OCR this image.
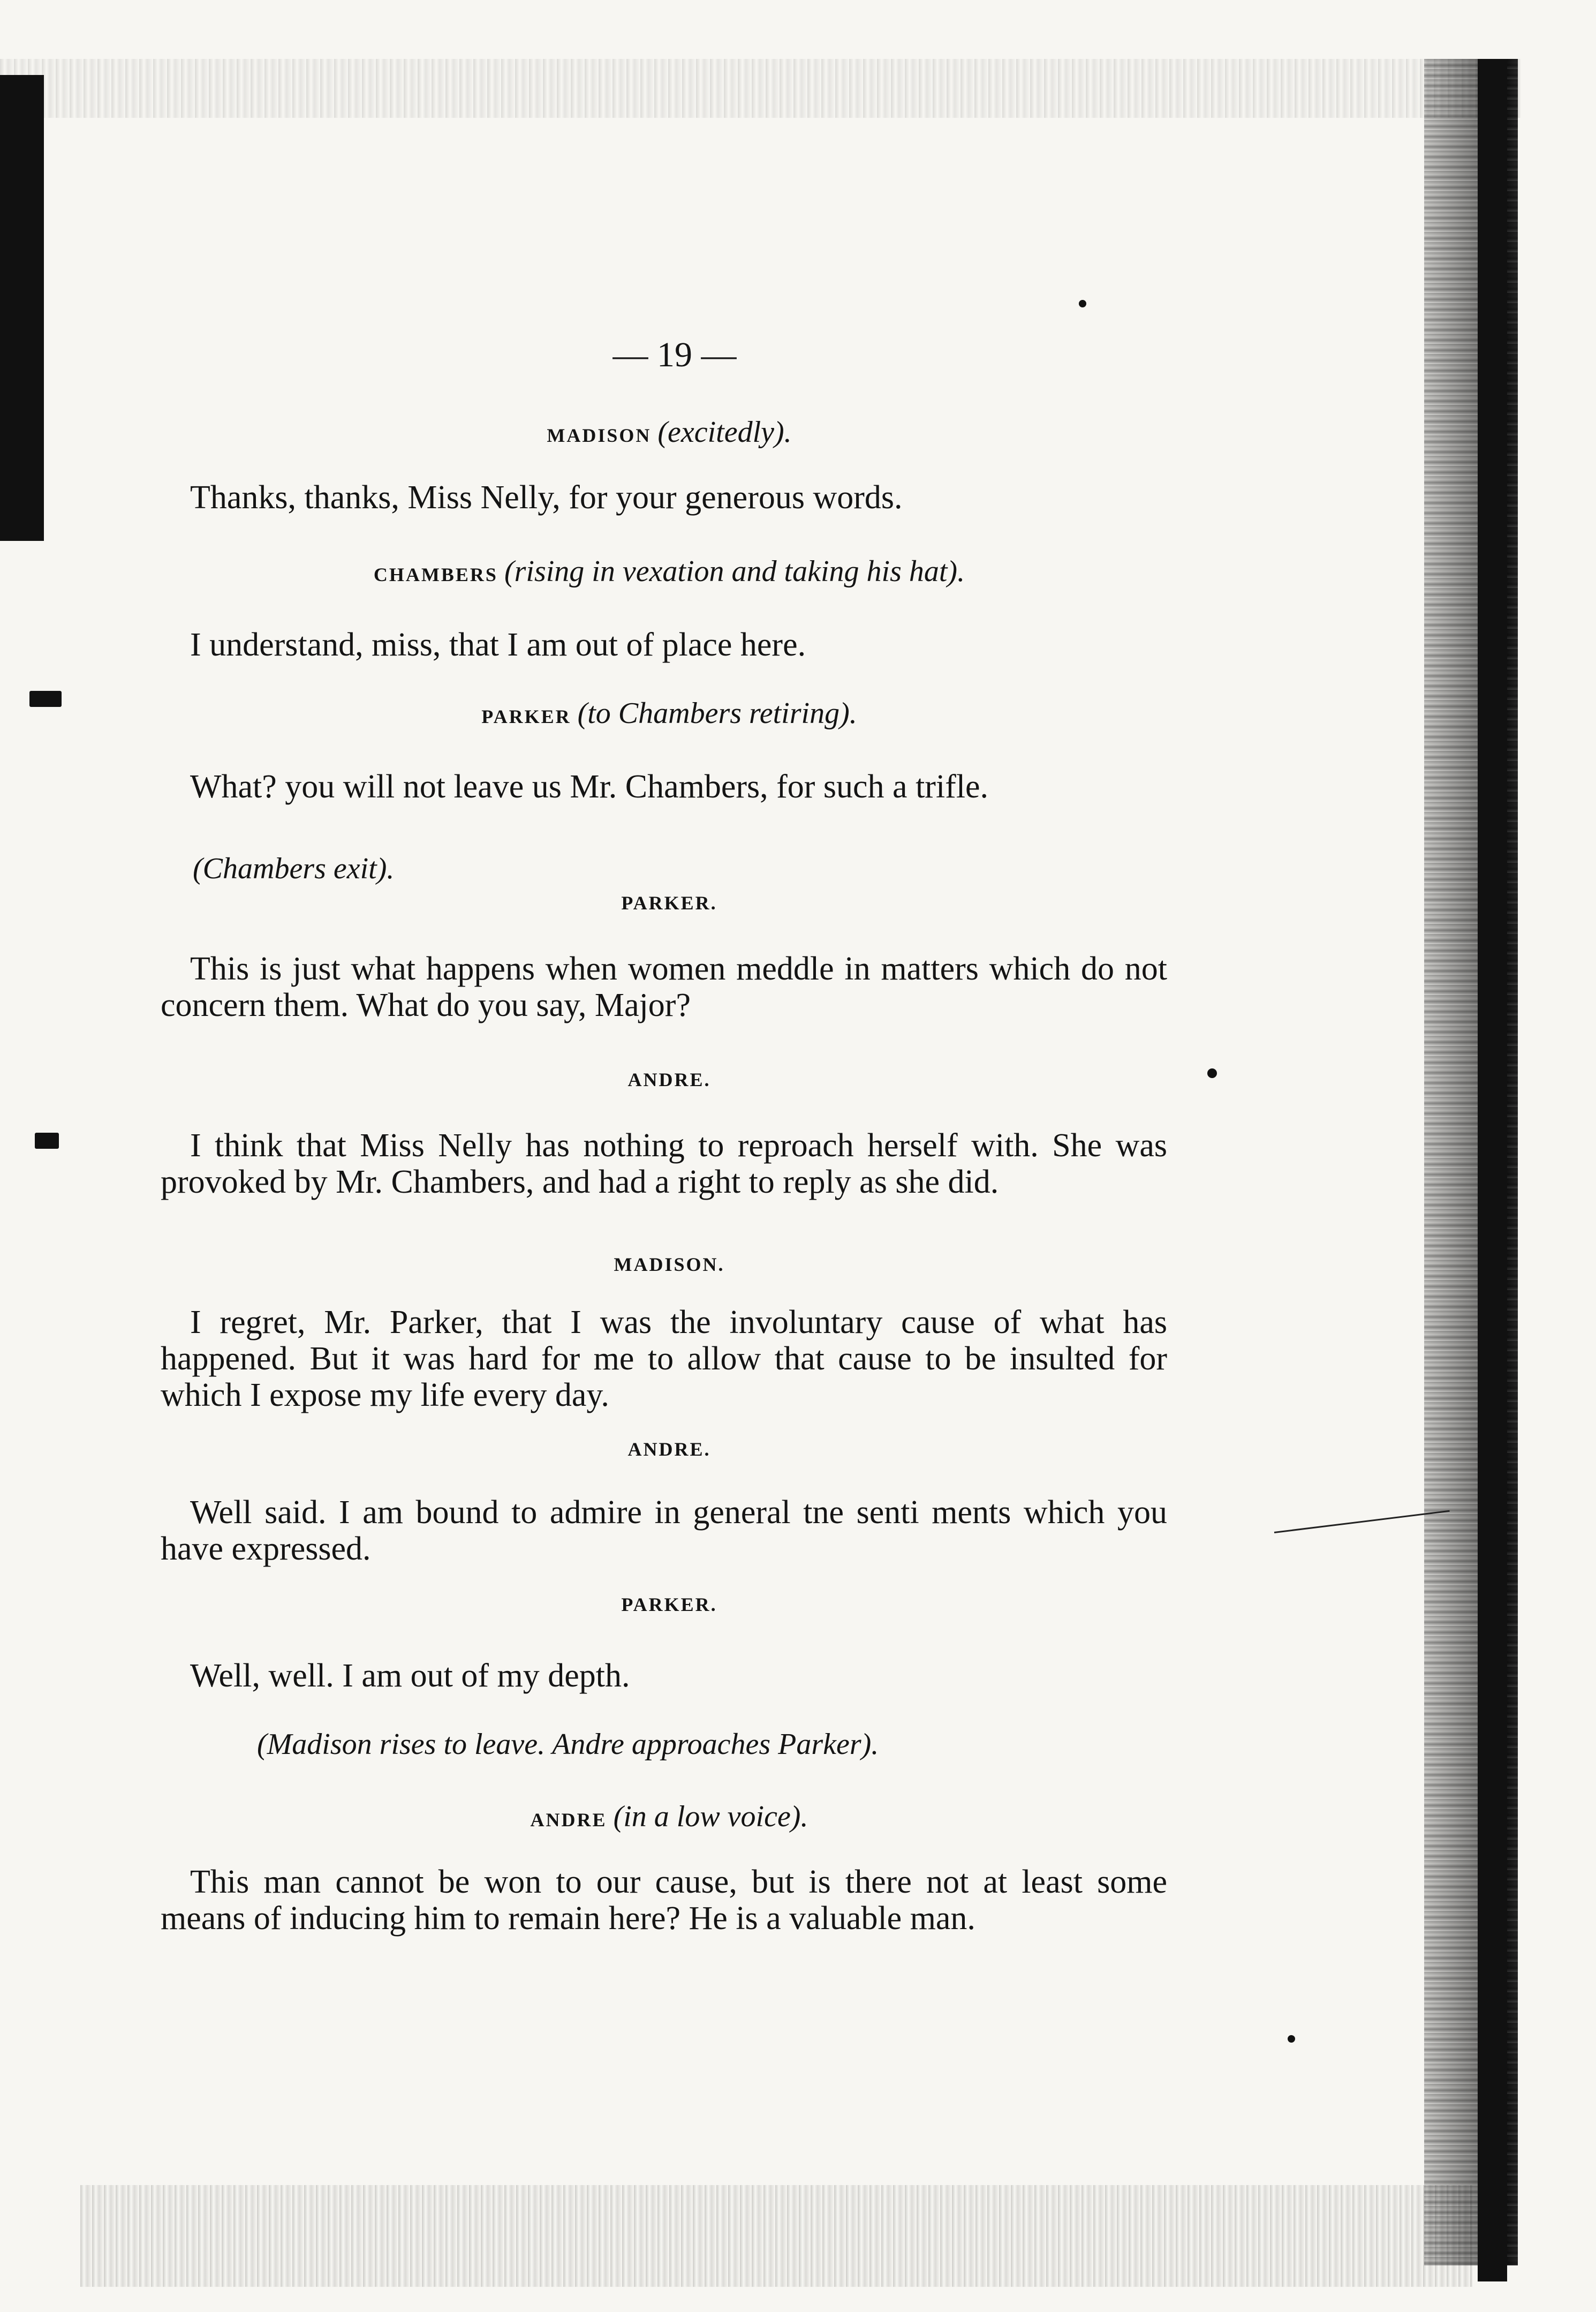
— 19 —
MADISON (excitedly).
Thanks, thanks, Miss Nelly, for your generous words.
CHAMBERS (rising in vexation and taking his hat).
I understand, miss, that I am out of place here.
PARKER (to Chambers retiring).
What? you will not leave us Mr. Chambers, for such a trifle.
(Chambers exit).
PARKER.
This is just what happens when women meddle in matters which do not concern them. What do you say, Major?
ANDRE.
I think that Miss Nelly has nothing to reproach herself with. She was provoked by Mr. Chambers, and had a right to reply as she did.
MADISON.
I regret, Mr. Parker, that I was the involuntary cause of what has happened. But it was hard for me to allow that cause to be insulted for which I expose my life every day.
ANDRE.
Well said. I am bound to admire in general tne senti ments which you have expressed.
PARKER.
Well, well. I am out of my depth.
(Madison rises to leave. Andre approaches Parker).
ANDRE (in a low voice).
This man cannot be won to our cause, but is there not at least some means of inducing him to remain here? He is a valuable man.
